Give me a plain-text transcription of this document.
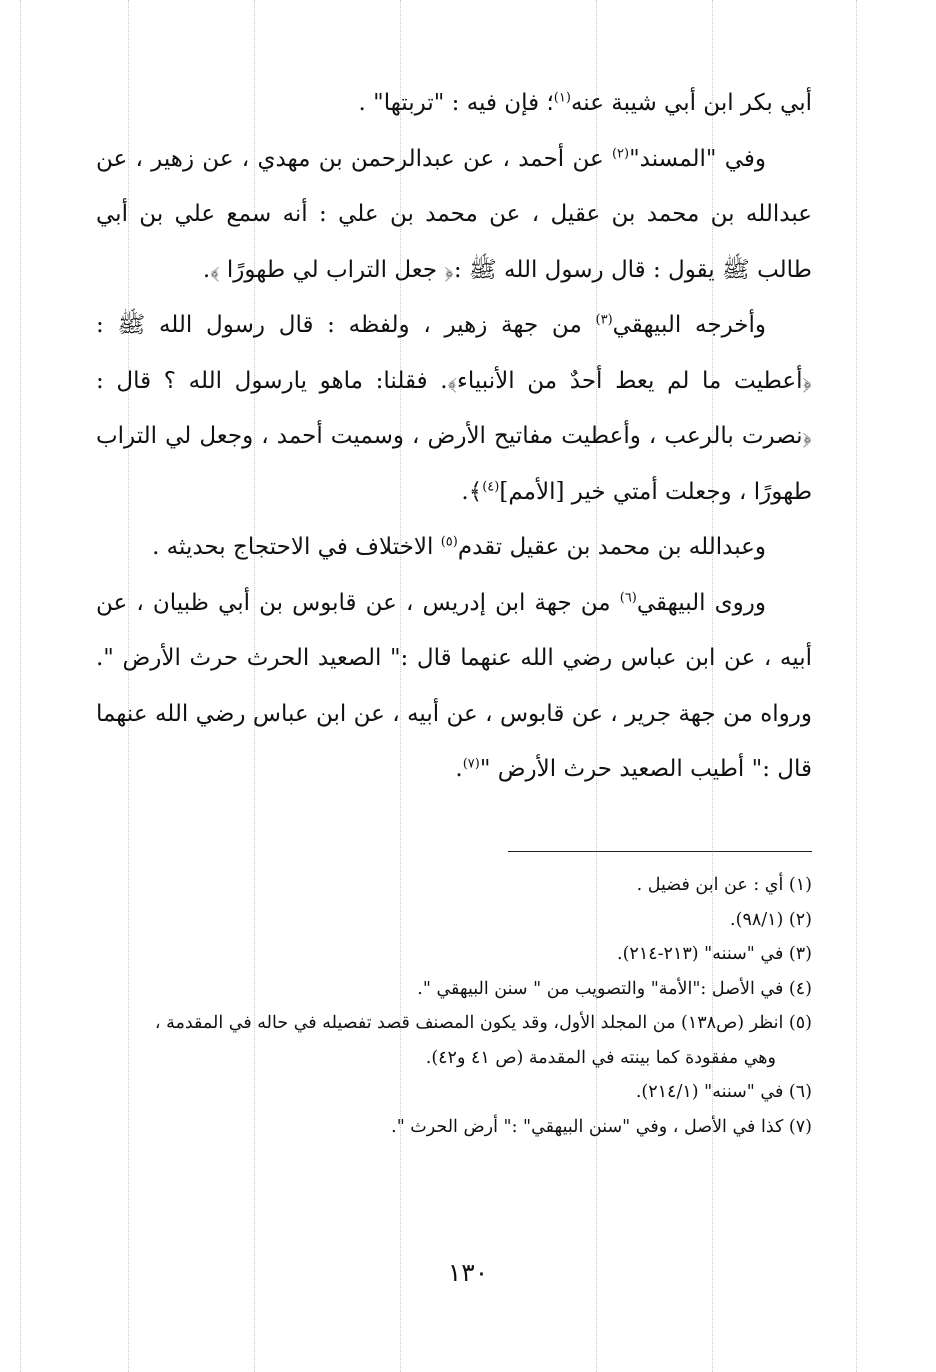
أبي بكر ابن أبي شيبة عنه$^{(١)}$؛ فإن فيه : "تربتها" .

وفي "المسند"$^{(٢)}$ عن أحمد ، عن عبدالرحمن بن مهدي ، عن زهير ، عن عبدالله بن محمد بن عقيل ، عن محمد بن علي : أنه سمع علي بن أبي طالب ﷺ يقول : قال رسول الله ﷺ :﴿ جعل التراب لي طهورًا ﴾.

وأخرجه البيهقي$^{(٣)}$ من جهة زهير ، ولفظه : قال رسول الله ﷺ : ﴿أعطيت ما لم يعط أحدٌ من الأنبياء﴾. فقلنا: ماهو يارسول الله ؟ قال : ﴿نصرت بالرعب ، وأعطيت مفاتيح الأرض ، وسميت أحمد ، وجعل لي التراب طهورًا ، وجعلت أمتي خير [الأمم]$^{(٤)}$﴾.

وعبدالله بن محمد بن عقيل تقدم$^{(٥)}$ الاختلاف في الاحتجاج بحديثه .

وروى البيهقي$^{(٦)}$ من جهة ابن إدريس ، عن قابوس بن أبي ظبيان ، عن أبيه ، عن ابن عباس رضي الله عنهما قال :" الصعيد الحرث حرث الأرض ". ورواه من جهة جرير ، عن قابوس ، عن أبيه ، عن ابن عباس رضي الله عنهما قال :" أطيب الصعيد حرث الأرض "$^{(٧)}$.

(١) أي : عن ابن فضيل .

(٢) (٩٨/١).

(٣) في "سننه" (٢١٣-٢١٤).

(٤) في الأصل :"الأمة" والتصويب من " سنن البيهقي ".

(٥) انظر (ص١٣٨) من المجلد الأول، وقد يكون المصنف قصد تفصيله في حاله في المقدمة ،

وهي مفقودة كما بينته في المقدمة (ص ٤١ و٤٢).

(٦) في "سننه" (٢١٤/١).

(٧) كذا في الأصل ، وفي "سنن البيهقي" :" أرض الحرث ".

١٣٠
